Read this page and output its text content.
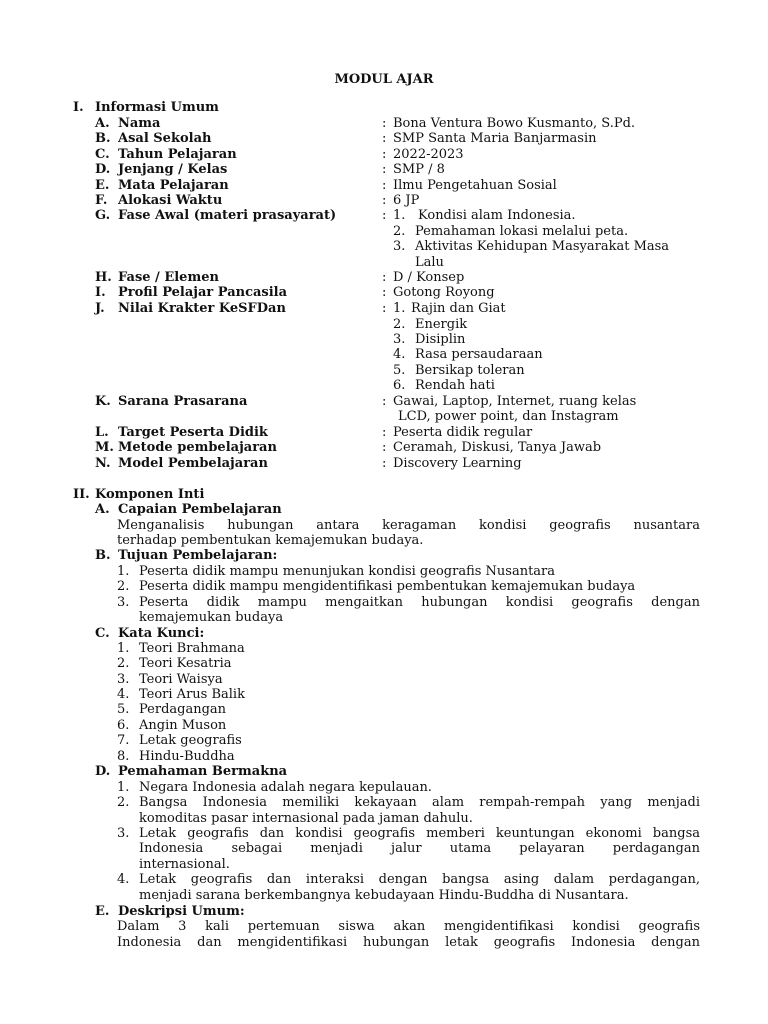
MODUL AJAR
I. Informasi Umum
A. Nama	: Bona Ventura Bowo Kusmanto, S.Pd.
B. Asal Sekolah	: SMP Santa Maria Banjarmasin
C. Tahun Pelajaran	: 2022-2023
D. Jenjang / Kelas	: SMP / 8
E. Mata Pelajaran	: Ilmu Pengetahuan Sosial
F. Alokasi Waktu	: 6 JP
G. Fase Awal (materi prasayarat)	: 1. Kondisi alam Indonesia.
2. Pemahaman lokasi melalui peta.
3. Aktivitas Kehidupan Masyarakat Masa
Lalu
H. Fase / Elemen	: D / Konsep
I. Profil Pelajar Pancasila	: Gotong Royong
J. Nilai Krakter KeSFDan	: 1. Rajin dan Giat
2. Energik
3. Disiplin
4. Rasa persaudaraan
5. Bersikap toleran
6. Rendah hati
K. Sarana Prasarana	: Gawai, Laptop, Internet, ruang kelas
LCD, power point, dan Instagram
L. Target Peserta Didik	: Peserta didik regular
M. Metode pembelajaran	: Ceramah, Diskusi, Tanya Jawab
N. Model Pembelajaran	: Discovery Learning
II. Komponen Inti
A. Capaian Pembelajaran
Menganalisis hubungan antara keragaman kondisi geografis nusantara
terhadap pembentukan kemajemukan budaya.
B. Tujuan Pembelajaran:
1. Peserta didik mampu menunjukan kondisi geografis Nusantara
2. Peserta didik mampu mengidentifikasi pembentukan kemajemukan budaya
3. Peserta didik mampu mengaitkan hubungan kondisi geografis dengan
kemajemukan budaya
C. Kata Kunci:
1. Teori Brahmana
2. Teori Kesatria
3. Teori Waisya
4. Teori Arus Balik
5. Perdagangan
6. Angin Muson
7. Letak geografis
8. Hindu-Buddha
D. Pemahaman Bermakna
1. Negara Indonesia adalah negara kepulauan.
2. Bangsa Indonesia memiliki kekayaan alam rempah-rempah yang menjadi
komoditas pasar internasional pada jaman dahulu.
3. Letak geografis dan kondisi geografis memberi keuntungan ekonomi bangsa
Indonesia sebagai menjadi jalur utama pelayaran perdagangan
internasional.
4. Letak geografis dan interaksi dengan bangsa asing dalam perdagangan,
menjadi sarana berkembangnya kebudayaan Hindu-Buddha di Nusantara.
E. Deskripsi Umum:
Dalam 3 kali pertemuan siswa akan mengidentifikasi kondisi geografis
Indonesia dan mengidentifikasi hubungan letak geografis Indonesia dengan
